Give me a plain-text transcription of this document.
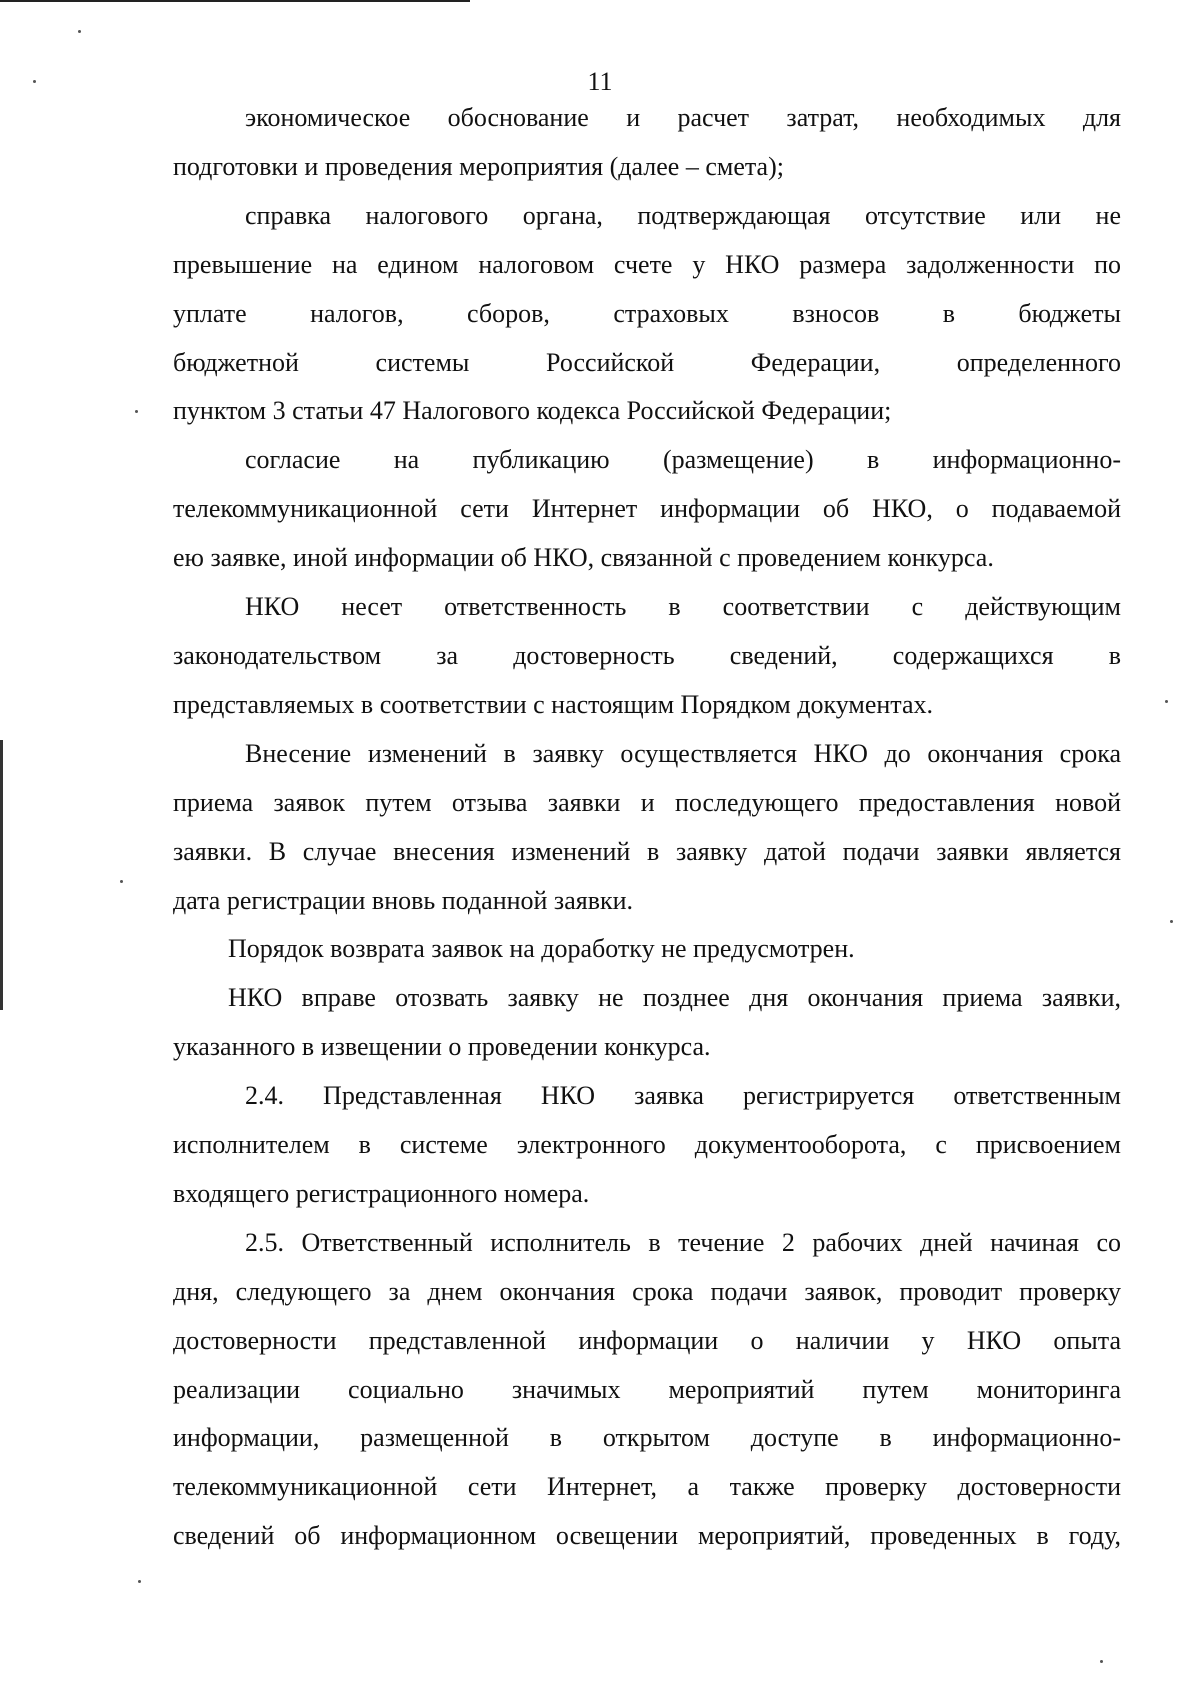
11
экономическое обоснование и расчет затрат, необходимых для
подготовки и проведения мероприятия (далее – смета);
справка налогового органа, подтверждающая отсутствие или не
превышение на едином налоговом счете у НКО размера задолженности по
уплате налогов, сборов, страховых взносов в бюджеты
бюджетной системы Российской Федерации, определенного
пунктом 3 статьи 47 Налогового кодекса Российской Федерации;
согласие на публикацию (размещение) в информационно-
телекоммуникационной сети Интернет информации об НКО, о подаваемой
ею заявке, иной информации об НКО, связанной с проведением конкурса.
НКО несет ответственность в соответствии с действующим
законодательством за достоверность сведений, содержащихся в
представляемых в соответствии с настоящим Порядком документах.
Внесение изменений в заявку осуществляется НКО до окончания срока
приема заявок путем отзыва заявки и последующего предоставления новой
заявки. В случае внесения изменений в заявку датой подачи заявки является
дата регистрации вновь поданной заявки.
Порядок возврата заявок на доработку не предусмотрен.
НКО вправе отозвать заявку не позднее дня окончания приема заявки,
указанного в извещении о проведении конкурса.
2.4. Представленная НКО заявка регистрируется ответственным
исполнителем в системе электронного документооборота, с присвоением
входящего регистрационного номера.
2.5. Ответственный исполнитель в течение 2 рабочих дней начиная со
дня, следующего за днем окончания срока подачи заявок, проводит проверку
достоверности представленной информации о наличии у НКО опыта
реализации социально значимых мероприятий путем мониторинга
информации, размещенной в открытом доступе в информационно-
телекоммуникационной сети Интернет, а также проверку достоверности
сведений об информационном освещении мероприятий, проведенных в году,
